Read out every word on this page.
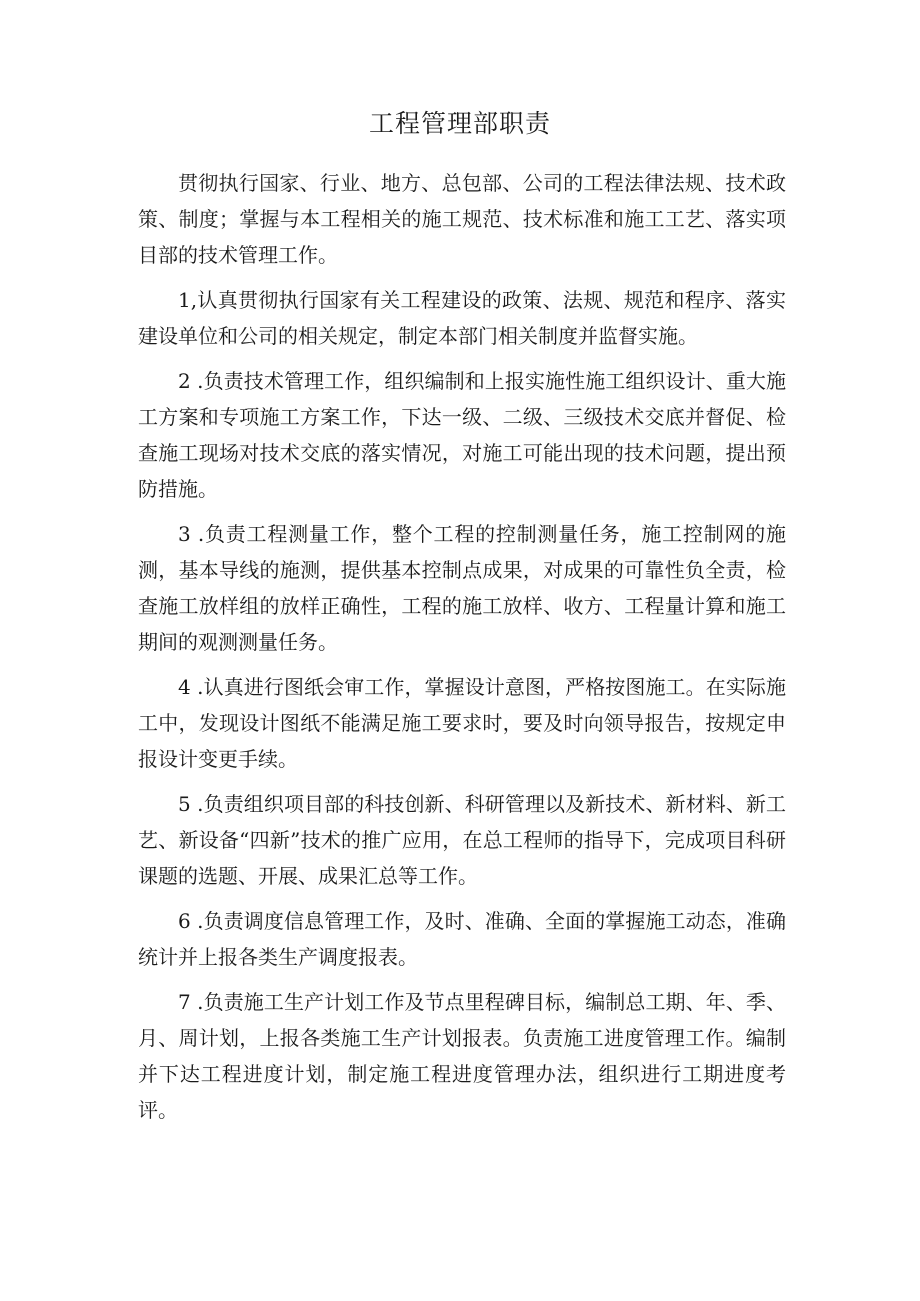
工程管理部职责

贯彻执行国家、行业、地方、总包部、公司的工程法律法规、技术政策、制度；掌握与本工程相关的施工规范、技术标准和施工工艺、落实项目部的技术管理工作。

1,认真贯彻执行国家有关工程建设的政策、法规、规范和程序、落实建设单位和公司的相关规定，制定本部门相关制度并监督实施。

2 .负责技术管理工作，组织编制和上报实施性施工组织设计、重大施工方案和专项施工方案工作，下达一级、二级、三级技术交底并督促、检查施工现场对技术交底的落实情况，对施工可能出现的技术问题，提出预防措施。

3 .负责工程测量工作，整个工程的控制测量任务，施工控制网的施测，基本导线的施测，提供基本控制点成果，对成果的可靠性负全责，检查施工放样组的放样正确性，工程的施工放样、收方、工程量计算和施工期间的观测测量任务。

4 .认真进行图纸会审工作，掌握设计意图，严格按图施工。在实际施工中，发现设计图纸不能满足施工要求时，要及时向领导报告，按规定申报设计变更手续。

5 .负责组织项目部的科技创新、科研管理以及新技术、新材料、新工艺、新设备“四新”技术的推广应用，在总工程师的指导下，完成项目科研课题的选题、开展、成果汇总等工作。

6 .负责调度信息管理工作，及时、准确、全面的掌握施工动态，准确统计并上报各类生产调度报表。

7 .负责施工生产计划工作及节点里程碑目标，编制总工期、年、季、月、周计划，上报各类施工生产计划报表。负责施工进度管理工作。编制并下达工程进度计划，制定施工程进度管理办法，组织进行工期进度考评。
